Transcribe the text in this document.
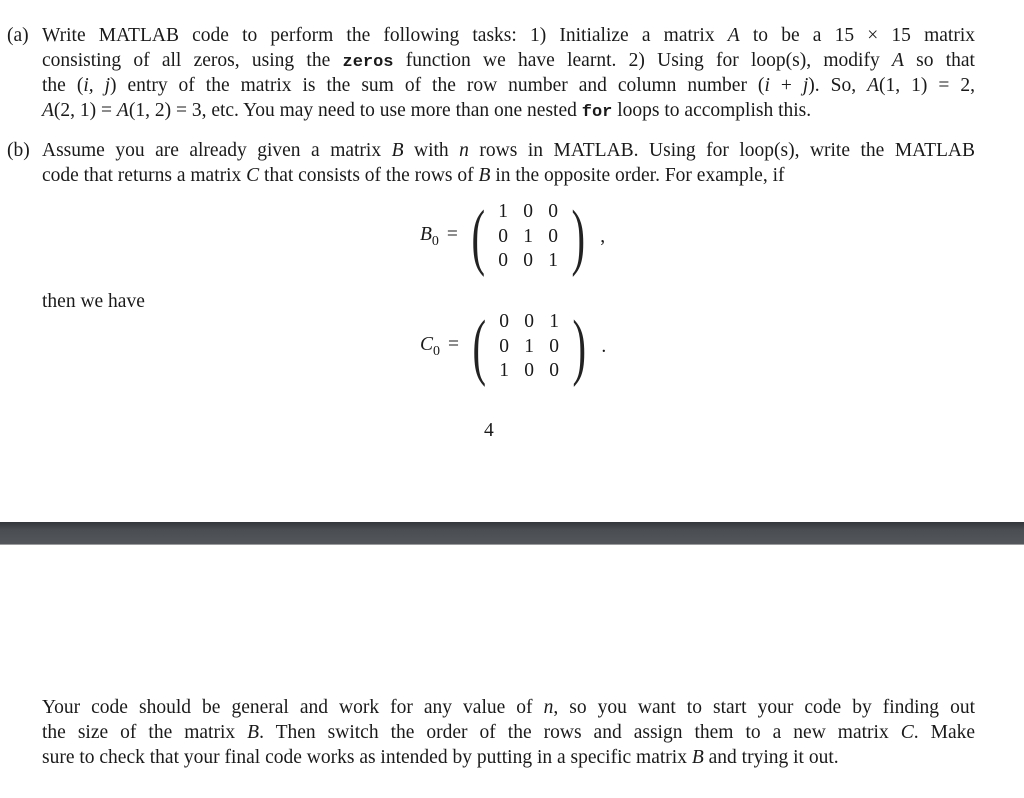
(a) Write MATLAB code to perform the following tasks: 1) Initialize a matrix A to be a 15 × 15 matrix
consisting of all zeros, using the zeros function we have learnt. 2) Using for loop(s), modify A so that
the (i, j) entry of the matrix is the sum of the row number and column number (i + j). So, A(1, 1) = 2,
A(2, 1) = A(1, 2) = 3, etc. You may need to use more than one nested for loops to accomplish this.
(b) Assume you are already given a matrix B with n rows in MATLAB. Using for loop(s), write the MATLAB
code that returns a matrix C that consists of the rows of B in the opposite order. For example, if
$B_0$ = ( 1 0 0
0 1 0
0 0 1 ) ,
then we have
$C_0$ = ( 0 0 1
0 1 0
1 0 0 ) .
4
Your code should be general and work for any value of n, so you want to start your code by finding out
the size of the matrix B. Then switch the order of the rows and assign them to a new matrix C. Make
sure to check that your final code works as intended by putting in a specific matrix B and trying it out.
